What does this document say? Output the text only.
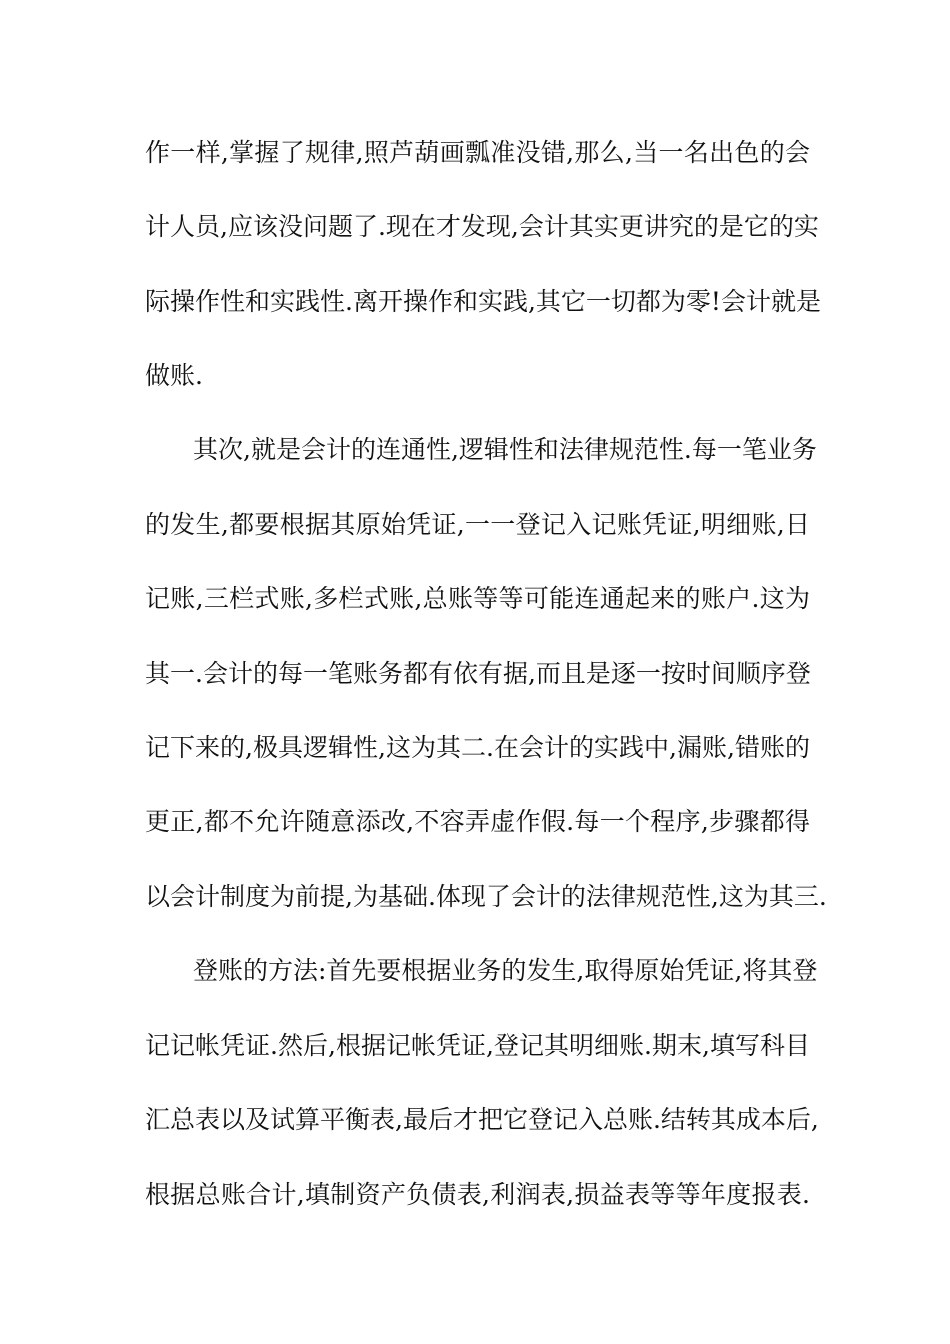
作一样,掌握了规律,照芦葫画瓢准没错,那么,当一名出色的会
计人员,应该没问题了.现在才发现,会计其实更讲究的是它的实
际操作性和实践性.离开操作和实践,其它一切都为零!会计就是
做账.
其次,就是会计的连通性,逻辑性和法律规范性.每一笔业务
的发生,都要根据其原始凭证,一一登记入记账凭证,明细账,日
记账,三栏式账,多栏式账,总账等等可能连通起来的账户.这为
其一.会计的每一笔账务都有依有据,而且是逐一按时间顺序登
记下来的,极具逻辑性,这为其二.在会计的实践中,漏账,错账的
更正,都不允许随意添改,不容弄虚作假.每一个程序,步骤都得
以会计制度为前提,为基础.体现了会计的法律规范性,这为其三.
登账的方法:首先要根据业务的发生,取得原始凭证,将其登
记记帐凭证.然后,根据记帐凭证,登记其明细账.期末,填写科目
汇总表以及试算平衡表,最后才把它登记入总账.结转其成本后,
根据总账合计,填制资产负债表,利润表,损益表等等年度报表.
